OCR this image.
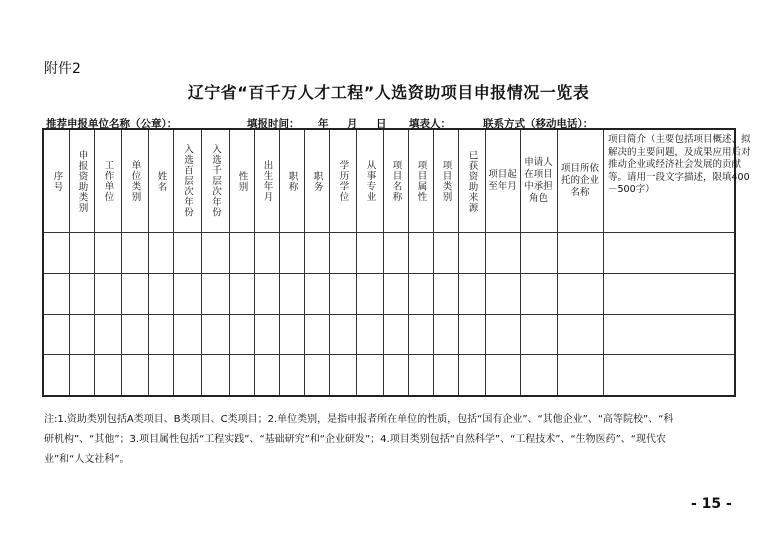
附件2
辽宁省“百千万人才工程”人选资助项目申报情况一览表
推荐申报单位名称（公章）：	填报时间： 年 月 日 填表人：	联系方式（移动电话）：
序号 申报资助类别 工作单位 单位类别 姓名 入选百层次年份 入选千层次年份 性别 出生年月 职称 职务 学历学位 从事专业 项目名称 项目属性 项目类别 已获资助来源 项目起至年月
申请人在项目中承担角色
项目所依托的企业名称
项目简介（主要包括项目概述、拟解决的主要问题，及成果应用后对推动企业或经济社会发展的贡献等。请用一段文字描述，限填400－500字）
注:1.资助类别包括A类项目、B类项目、C类项目；2.单位类别，是指申报者所在单位的性质，包括“国有企业”、“其他企业”、“高等院校”、“科
研机构”、“其他”；3.项目属性包括“工程实践”、“基础研究”和“企业研发”；4.项目类别包括“自然科学”、“工程技术”、“生物医药”、“现代农
业”和“人文社科”。
- 15 -
